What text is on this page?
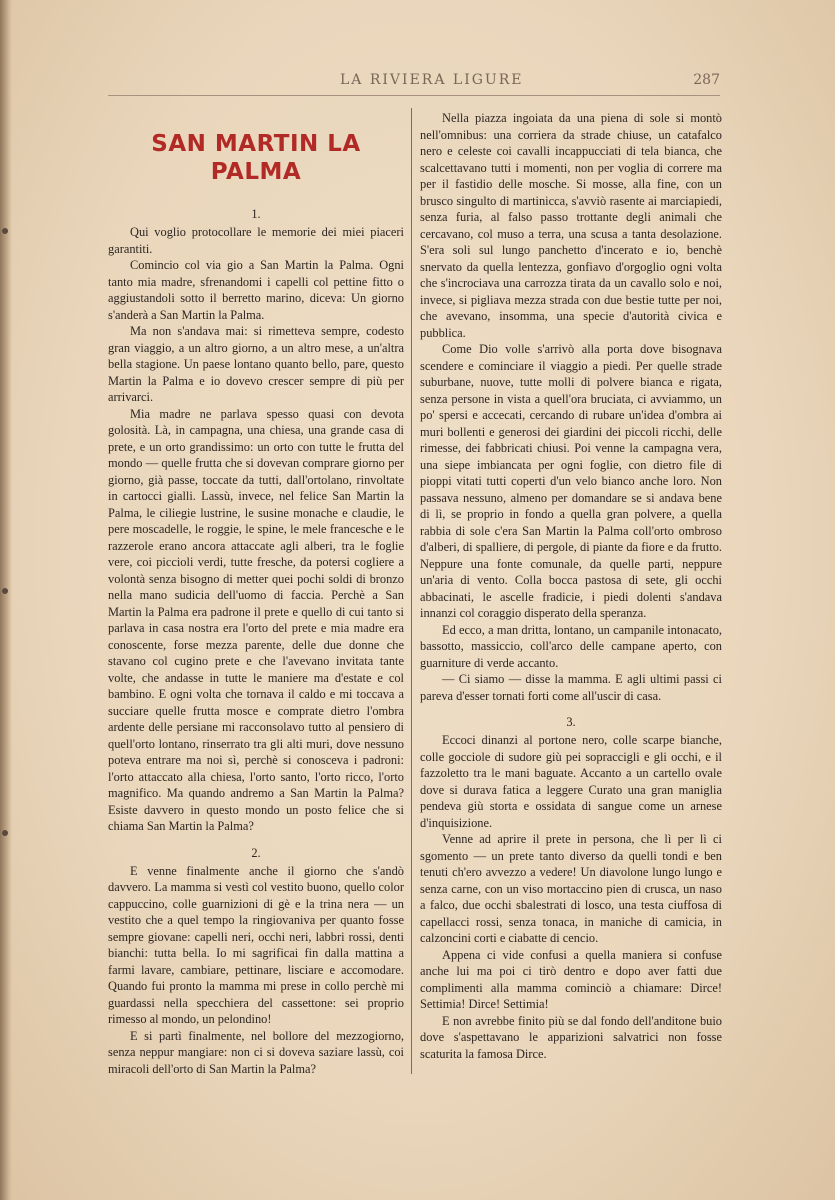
LA RIVIERA LIGURE	287
SAN MARTIN LA PALMA
1.

Qui voglio protocollare le memorie dei miei piaceri garantiti.

Comincio col via gio a San Martin la Palma. Ogni tanto mia madre, sfrenandomi i capelli col pettine fitto o aggiustandoli sotto il berretto marino, diceva: Un giorno s'anderà a San Martin la Palma.

Ma non s'andava mai: si rimetteva sempre, codesto gran viaggio, a un altro giorno, a un altro mese, a un'altra bella stagione. Un paese lontano quanto bello, pare, questo Martin la Palma e io dovevo crescer sempre di più per arrivarci.

Mia madre ne parlava spesso quasi con devota golosità. Là, in campagna, una chiesa, una grande casa di prete, e un orto grandissimo: un orto con tutte le frutta del mondo — quelle frutta che si dovevan comprare giorno per giorno, già passe, toccate da tutti, dall'ortolano, rinvoltate in cartocci gialli. Lassù, invece, nel felice San Martin la Palma, le ciliegie lustrine, le susine monache e claudie, le pere moscadelle, le roggie, le spine, le mele francesche e le razzerole erano ancora attaccate agli alberi, tra le foglie vere, coi piccioli verdi, tutte fresche, da potersi cogliere a volontà senza bisogno di metter quei pochi soldi di bronzo nella mano sudicia dell'uomo di faccia. Perchè a San Martin la Palma era padrone il prete e quello di cui tanto si parlava in casa nostra era l'orto del prete e mia madre era conoscente, forse mezza parente, delle due donne che stavano col cugino prete e che l'avevano invitata tante volte, che andasse in tutte le maniere ma d'estate e col bambino. E ogni volta che tornava il caldo e mi toccava a succiare quelle frutta mosce e comprate dietro l'ombra ardente delle persiane mi racconsolavo tutto al pensiero di quell'orto lontano, rinserrato tra gli alti muri, dove nessuno poteva entrare ma noi sì, perchè si conosceva i padroni: l'orto attaccato alla chiesa, l'orto santo, l'orto ricco, l'orto magnifico. Ma quando andremo a San Martin la Palma? Esiste davvero in questo mondo un posto felice che si chiama San Martin la Palma?

2.

E venne finalmente anche il giorno che s'andò davvero. La mamma si vestì col vestito buono, quello color cappuccino, colle guarnizioni di gè e la trina nera — un vestito che a quel tempo la ringiovaniva per quanto fosse sempre giovane: capelli neri, occhi neri, labbri rossi, denti bianchi: tutta bella. Io mi sagrificai fin dalla mattina a farmi lavare, cambiare, pettinare, lisciare e accomodare. Quando fui pronto la mamma mi prese in collo perchè mi guardassi nella specchiera del cassettone: sei proprio rimesso al mondo, un pelondino!

E si partì finalmente, nel bollore del mezzogiorno, senza neppur mangiare: non ci si doveva saziare lassù, coi miracoli dell'orto di San Martin la Palma?

Nella piazza ingoiata da una piena di sole si montò nell'omnibus: una corriera da strade chiuse, un catafalco nero e celeste coi cavalli incappucciati di tela bianca, che scalcettavano tutti i momenti, non per voglia di correre ma per il fastidio delle mosche. Si mosse, alla fine, con un brusco singulto di martinicca, s'avviò rasente ai marciapiedi, senza furia, al falso passo trottante degli animali che cercavano, col muso a terra, una scusa a tanta desolazione. S'era soli sul lungo panchetto d'incerato e io, benchè snervato da quella lentezza, gonfiavo d'orgoglio ogni volta che s'incrociava una carrozza tirata da un cavallo solo e noi, invece, si pigliava mezza strada con due bestie tutte per noi, che avevano, insomma, una specie d'autorità civica e pubblica.

Come Dio volle s'arrivò alla porta dove bisognava scendere e cominciare il viaggio a piedi. Per quelle strade suburbane, nuove, tutte molli di polvere bianca e rigata, senza persone in vista a quell'ora bruciata, ci avviammo, un po' spersi e accecati, cercando di rubare un'idea d'ombra ai muri bollenti e generosi dei giardini dei piccoli ricchi, delle rimesse, dei fabbricati chiusi. Poi venne la campagna vera, una siepe imbiancata per ogni foglie, con dietro file di pioppi vitati tutti coperti d'un velo bianco anche loro. Non passava nessuno, almeno per domandare se si andava bene di lì, se proprio in fondo a quella gran polvere, a quella rabbia di sole c'era San Martin la Palma coll'orto ombroso d'alberi, di spalliere, di pergole, di piante da fiore e da frutto. Neppure una fonte comunale, da quelle parti, neppure un'aria di vento. Colla bocca pastosa di sete, gli occhi abbacinati, le ascelle fradicie, i piedi dolenti s'andava innanzi col coraggio disperato della speranza.

Ed ecco, a man dritta, lontano, un campanile intonacato, bassotto, massiccio, coll'arco delle campane aperto, con guarniture di verde accanto.

— Ci siamo — disse la mamma. E agli ultimi passi ci pareva d'esser tornati forti come all'uscir di casa.

3.

Eccoci dinanzi al portone nero, colle scarpe bianche, colle gocciole di sudore giù pei sopraccigli e gli occhi, e il fazzoletto tra le mani baguate. Accanto a un cartello ovale dove si durava fatica a leggere Curato una gran maniglia pendeva giù storta e ossidata di sangue come un arnese d'inquisizione.

Venne ad aprire il prete in persona, che lì per lì ci sgomento — un prete tanto diverso da quelli tondi e ben tenuti ch'ero avvezzo a vedere! Un diavolone lungo lungo e senza carne, con un viso mortaccino pien di crusca, un naso a falco, due occhi sbalestrati di losco, una testa ciuffosa di capellacci rossi, senza tonaca, in maniche di camicia, in calzoncini corti e ciabatte di cencio.

Appena ci vide confusi a quella maniera si confuse anche lui ma poi ci tirò dentro e dopo aver fatti due complimenti alla mamma cominciò a chiamare: Dirce! Settimia! Dirce! Settimia!

E non avrebbe finito più se dal fondo dell'anditone buio dove s'aspettavano le apparizioni salvatrici non fosse scaturita la famosa Dirce.
